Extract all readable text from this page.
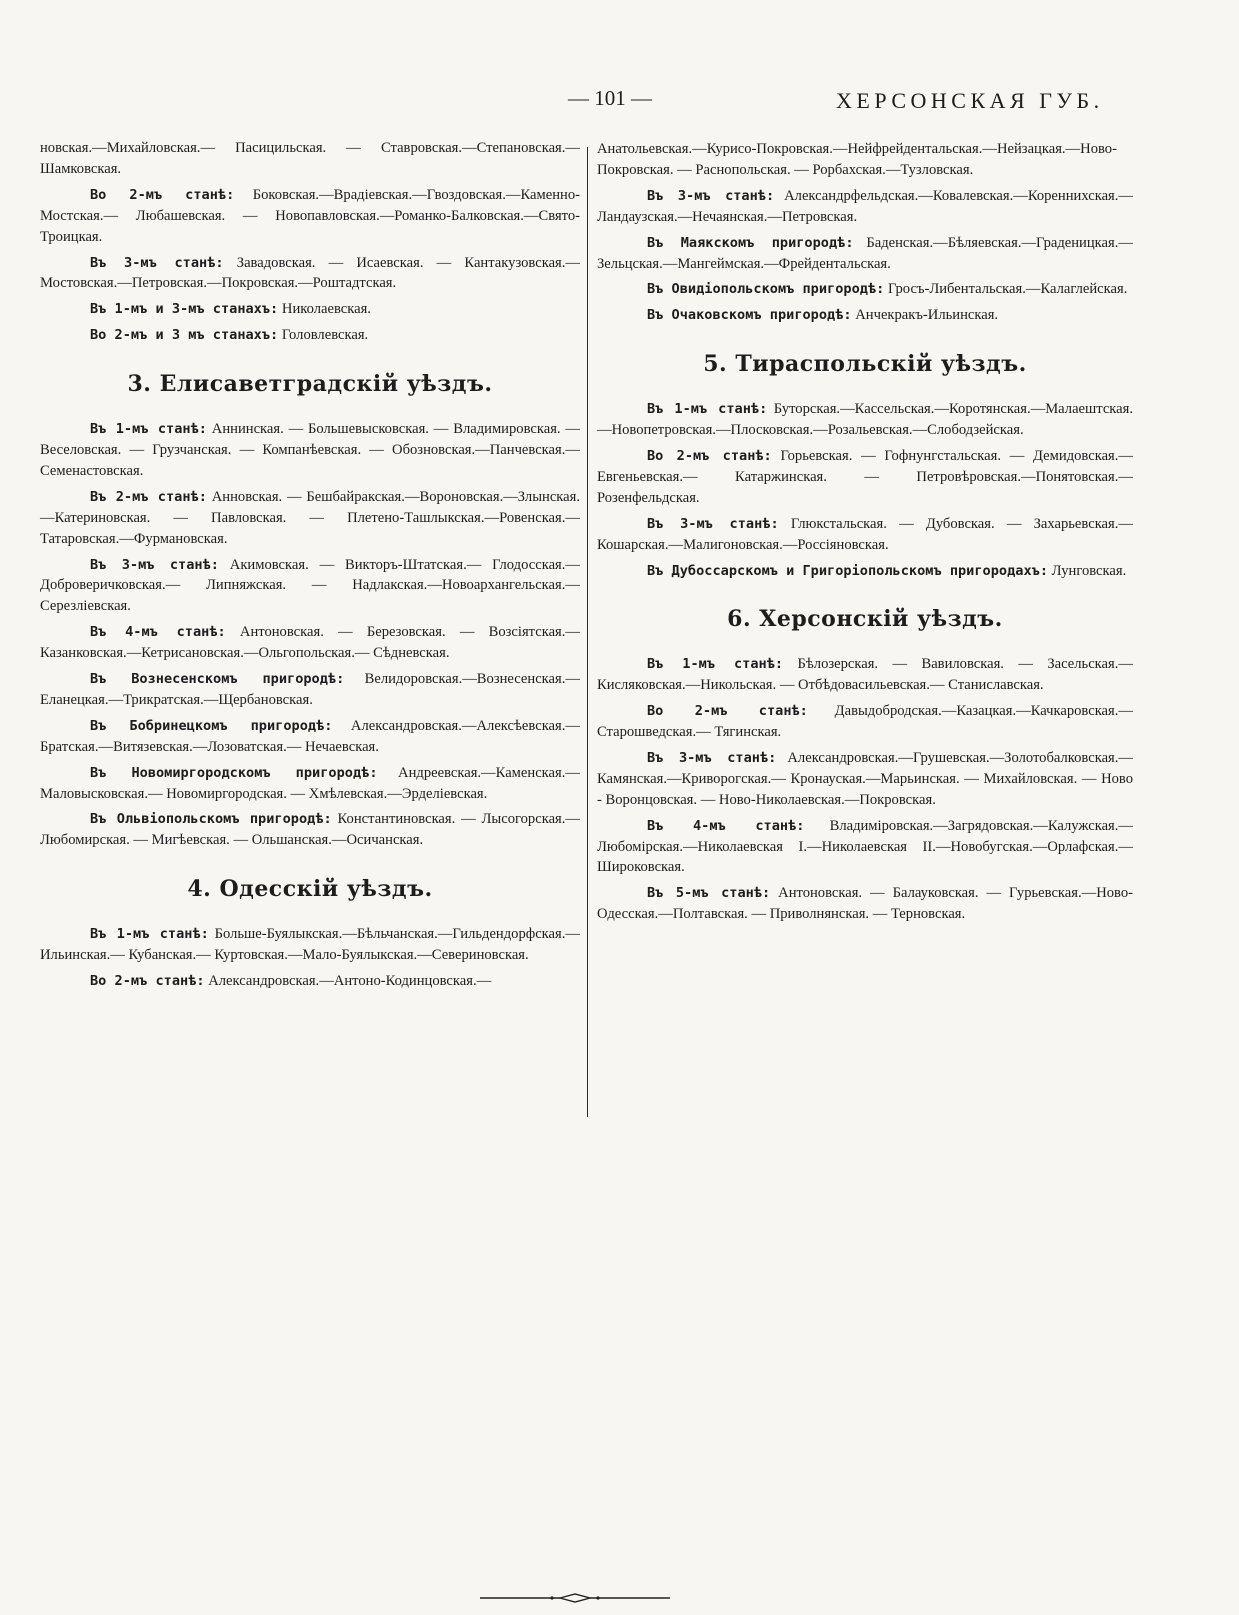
— 101 —	ХЕРСОНСКАЯ ГУБ.

новская.—Михайловская.— Пасицильская. — Ставровская.—Степановская.—Шамковская.

Во 2-мъ станѣ: Боковская.—Врадіевская.—Гвоздовская.—Каменно-Мостская.— Любашевская. — Новопавловская.—Романко-Балковская.—Свято-Троицкая.

Въ 3-мъ станѣ: Завадовская. — Исаевская. — Кантакузовская.—Мостовская.—Петровская.—Покровская.—Роштадтская.

Въ 1-мъ и 3-мъ станахъ: Николаевская.

Во 2-мъ и 3 мъ станахъ: Головлевская.

3. Елисаветградскій уѣздъ.

Въ 1-мъ станѣ: Аннинская. — Большевысковская. — Владимировская. — Веселовская. — Грузчанская. — Компанѣевская. — Обозновская.—Панчевская.—Семенастовская.

Въ 2-мъ станѣ: Анновская. — Бешбайракская.—Вороновская.—Злынская.—Катериновская. — Павловская. — Плетено-Ташлыкская.—Ровенская.—Татаровская.—Фурмановская.

Въ 3-мъ станѣ: Акимовская. — Викторъ-Штатская.— Глодосская.—Доброверичковская.— Липняжская. — Надлакская.—Новоархангельская.—Серезліевская.

Въ 4-мъ станѣ: Антоновская. — Березовская. — Возсіятская.—Казанковская.—Кетрисановская.—Ольгопольская.— Сѣдневская.

Въ Вознесенскомъ пригородѣ: Велидоровская.—Вознесенская.—Еланецкая.—Трикратская.—Щербановская.

Въ Бобринецкомъ пригородѣ: Александровская.—Алексѣевская.—Братская.—Витязевская.—Лозоватская.— Нечаевская.

Въ Новомиргородскомъ пригородѣ: Андреевская.—Каменская.—Маловысковская.— Новомиргородская. — Хмѣлевская.—Эрделіевская.

Въ Ольвіопольскомъ пригородѣ: Константиновская. — Лысогорская.—Любомирская. — Мигѣевская. — Ольшанская.—Осичанская.

4. Одесскій уѣздъ.

Въ 1-мъ станѣ: Больше-Буялыкская.—Бѣльчанская.—Гильдендорфская.— Ильинская.— Кубанская.— Куртовская.—Мало-Буялыкская.—Севериновская.

Во 2-мъ станѣ: Александровская.—Антоно-Кодинцовская.—

Анатольевская.—Курисо-Покровская.—Нейфрейдентальская.—Нейзацкая.—Ново-Покровская. — Раснопольская. — Рорбахская.—Тузловская.

Въ 3-мъ станѣ: Александрфельдская.—Ковалевская.—Кореннихская.—Ландаузская.—Нечаянская.—Петровская.

Въ Маякскомъ пригородѣ: Баденская.—Бѣляевская.—Граденицкая.—Зельцская.—Мангеймская.—Фрейдентальская.

Въ Овидіопольскомъ пригородѣ: Гросъ-Либентальская.—Калаглейская.

Въ Очаковскомъ пригородѣ: Анчекракъ-Ильинская.

5. Тираспольскій уѣздъ.

Въ 1-мъ станѣ: Буторская.—Кассельская.—Коротянская.—Малаештская.—Новопетровская.—Плосковская.—Розальевская.—Слободзейская.

Во 2-мъ станѣ: Горьевская. — Гофнунгстальская. — Демидовская.—Евгеньевская.— Катаржинская. — Петровѣровская.—Понятовская.—Розенфельдская.

Въ 3-мъ станѣ: Глюкстальская. — Дубовская. — Захарьевская.—Кошарская.—Малигоновская.—Россіяновская.

Въ Дубоссарскомъ и Григоріопольскомъ пригородахъ: Лунговская.

6. Херсонскій уѣздъ.

Въ 1-мъ станѣ: Бѣлозерская. — Вавиловская. — Засельская.—Кисляковская.—Никольская. — Отбѣдовасильевская.— Станиславская.

Во 2-мъ станѣ: Давыдобродская.—Казацкая.—Качкаровская.—Старошведская.— Тягинская.

Въ 3-мъ станѣ: Александровская.—Грушевская.—Золотобалковская.—Камянская.—Криворогская.— Кронауская.—Марьинская. — Михайловская. — Ново - Воронцовская. — Ново-Николаевская.—Покровская.

Въ 4-мъ станѣ: Владиміровская.—Загрядовская.—Калужская.—Любомірская.—Николаевская I.—Николаевская II.—Новобугская.—Орлафская.—Широковская.

Въ 5-мъ станѣ: Антоновская. — Балауковская. — Гурьевская.—Ново-Одесская.—Полтавская. — Приволнянская. — Терновская.
